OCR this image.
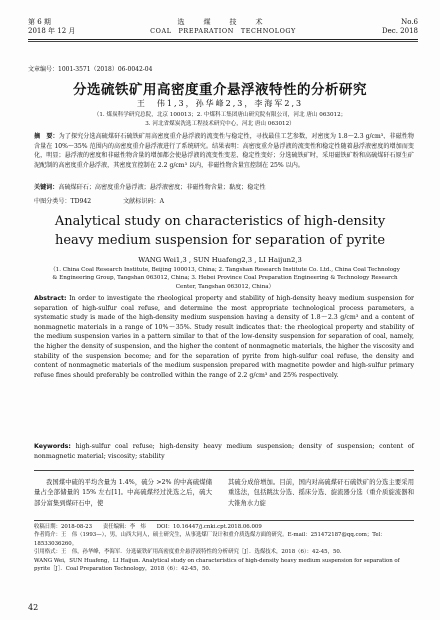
第 6 期
2018 年 12 月
选　煤　技　术
COAL　PREPARATION　TECHNOLOGY
No.6
Dec. 2018
文章编号：1001-3571（2018）06-0042-04
分选硫铁矿用高密度重介悬浮液特性的分析研究
王　伟1,3，孙华峰2,3，李海军2,3
（1. 煤炭科学研究总院，北京 100013；2. 中煤科工集团唐山研究院有限公司，河北 唐山 063012；
3. 河北省煤炭洗选工程技术研究中心，河北 唐山 063012）
摘　要：为了探究分选高硫煤矸石硫铁矿用高密度重介悬浮液的流变性与稳定性，寻找最佳工艺参数，对密度为 1.8～2.3 g/cm³、非磁性物含量在 10%～35% 范围内的高密度重介悬浮液进行了系统研究。结果表明：高密度重介悬浮液的流变性和稳定性随着悬浮液密度的增加而变化，明显；悬浮液的密度和非磁性物含量的增加都会使悬浮液的流变性变差、稳定性变好；分选硫铁矿时，采用磁铁矿粉和高硫煤矸石原生矿泥配制的高密度重介悬浮液，其密度宜控制在 2.2 g/cm³ 以内，非磁性物含量宜控制在 25% 以内。
关键词：高硫煤矸石；高密度重介悬浮液；悬浮液密度；非磁性物含量；黏度；稳定性
中图分类号：TD942	文献标识码：A
Analytical study on characteristics of high-density heavy medium suspension for separation of pyrite
WANG Wei1,3 , SUN Huafeng2,3 , LI Haijun2,3
（1. China Coal Research Institute, Beijing 100013, China; 2. Tangshan Research Institute Co. Ltd., China Coal Technology & Engineering Group, Tangshan 063012, China; 3. Hebei Province Coal Preparation Engineering & Technology Research Center, Tangshan 063012, China）
Abstract: In order to investigate the rheological property and stability of high-density heavy medium suspension for separation of high-sulfur coal refuse, and determine the most appropriate technological process parameters, a systematic study is made of the high-density medium suspension having a density of 1.8～2.3 g/cm³ and a content of nonmagnetic materials in a range of 10%～35%. Study result indicates that: the rheological property and stability of the medium suspension varies in a pattern similar to that of the low-density suspension for separation of coal, namely, the higher the density of suspension, and the higher the content of nonmagnetic materials, the higher the viscosity and stability of the suspension become; and for the separation of pyrite from high-sulfur coal refuse, the density and content of nonmagnetic materials of the medium suspension prepared with magnetite powder and high-sulfur primary refuse fines should preferably be controlled within the range of 2.2 g/cm³ and 25% respectively.
Keywords: high-sulfur coal refuse; high-density heavy medium suspension; density of suspension; content of nonmagnetic material; viscosity; stability
我国煤中硫的平均含量为 1.4%，硫分 >2% 的中高硫煤储量占全部储量的 15% 左右[1]。中高硫煤经过洗选之后，硫大部分富集到煤矸石中，使
其硫分成倍增加。目前，国内对高硫煤矸石硫铁矿的分选主要采用重选法，包括跳汰分选、摇床分选、旋流器分选（重介质旋流器和大锥角水力旋
收稿日期：2018-08-23　　责任编辑：李　炜　　DOI：10.16447/j.cnki.cpt.2018.06.009
作者简介：王　伟（1993—），男，山西大同人，硕士研究生，从事选煤厂设计和重介质选煤方面的研究。E-mail：251472187@qq.com；Tel：18533036260。
引用格式：王　伟，孙华峰，李海军．分选硫铁矿用高密度重介悬浮液特性的分析研究［J］．选煤技术，2018（6）：42-45，50．
WANG Wei，SUN Huafeng，LI Haijun. Analytical study on characteristics of high-density heavy medium suspension for separation of pyrite［J］．Coal Preparation Technology，2018（6）：42-45，50.
42
